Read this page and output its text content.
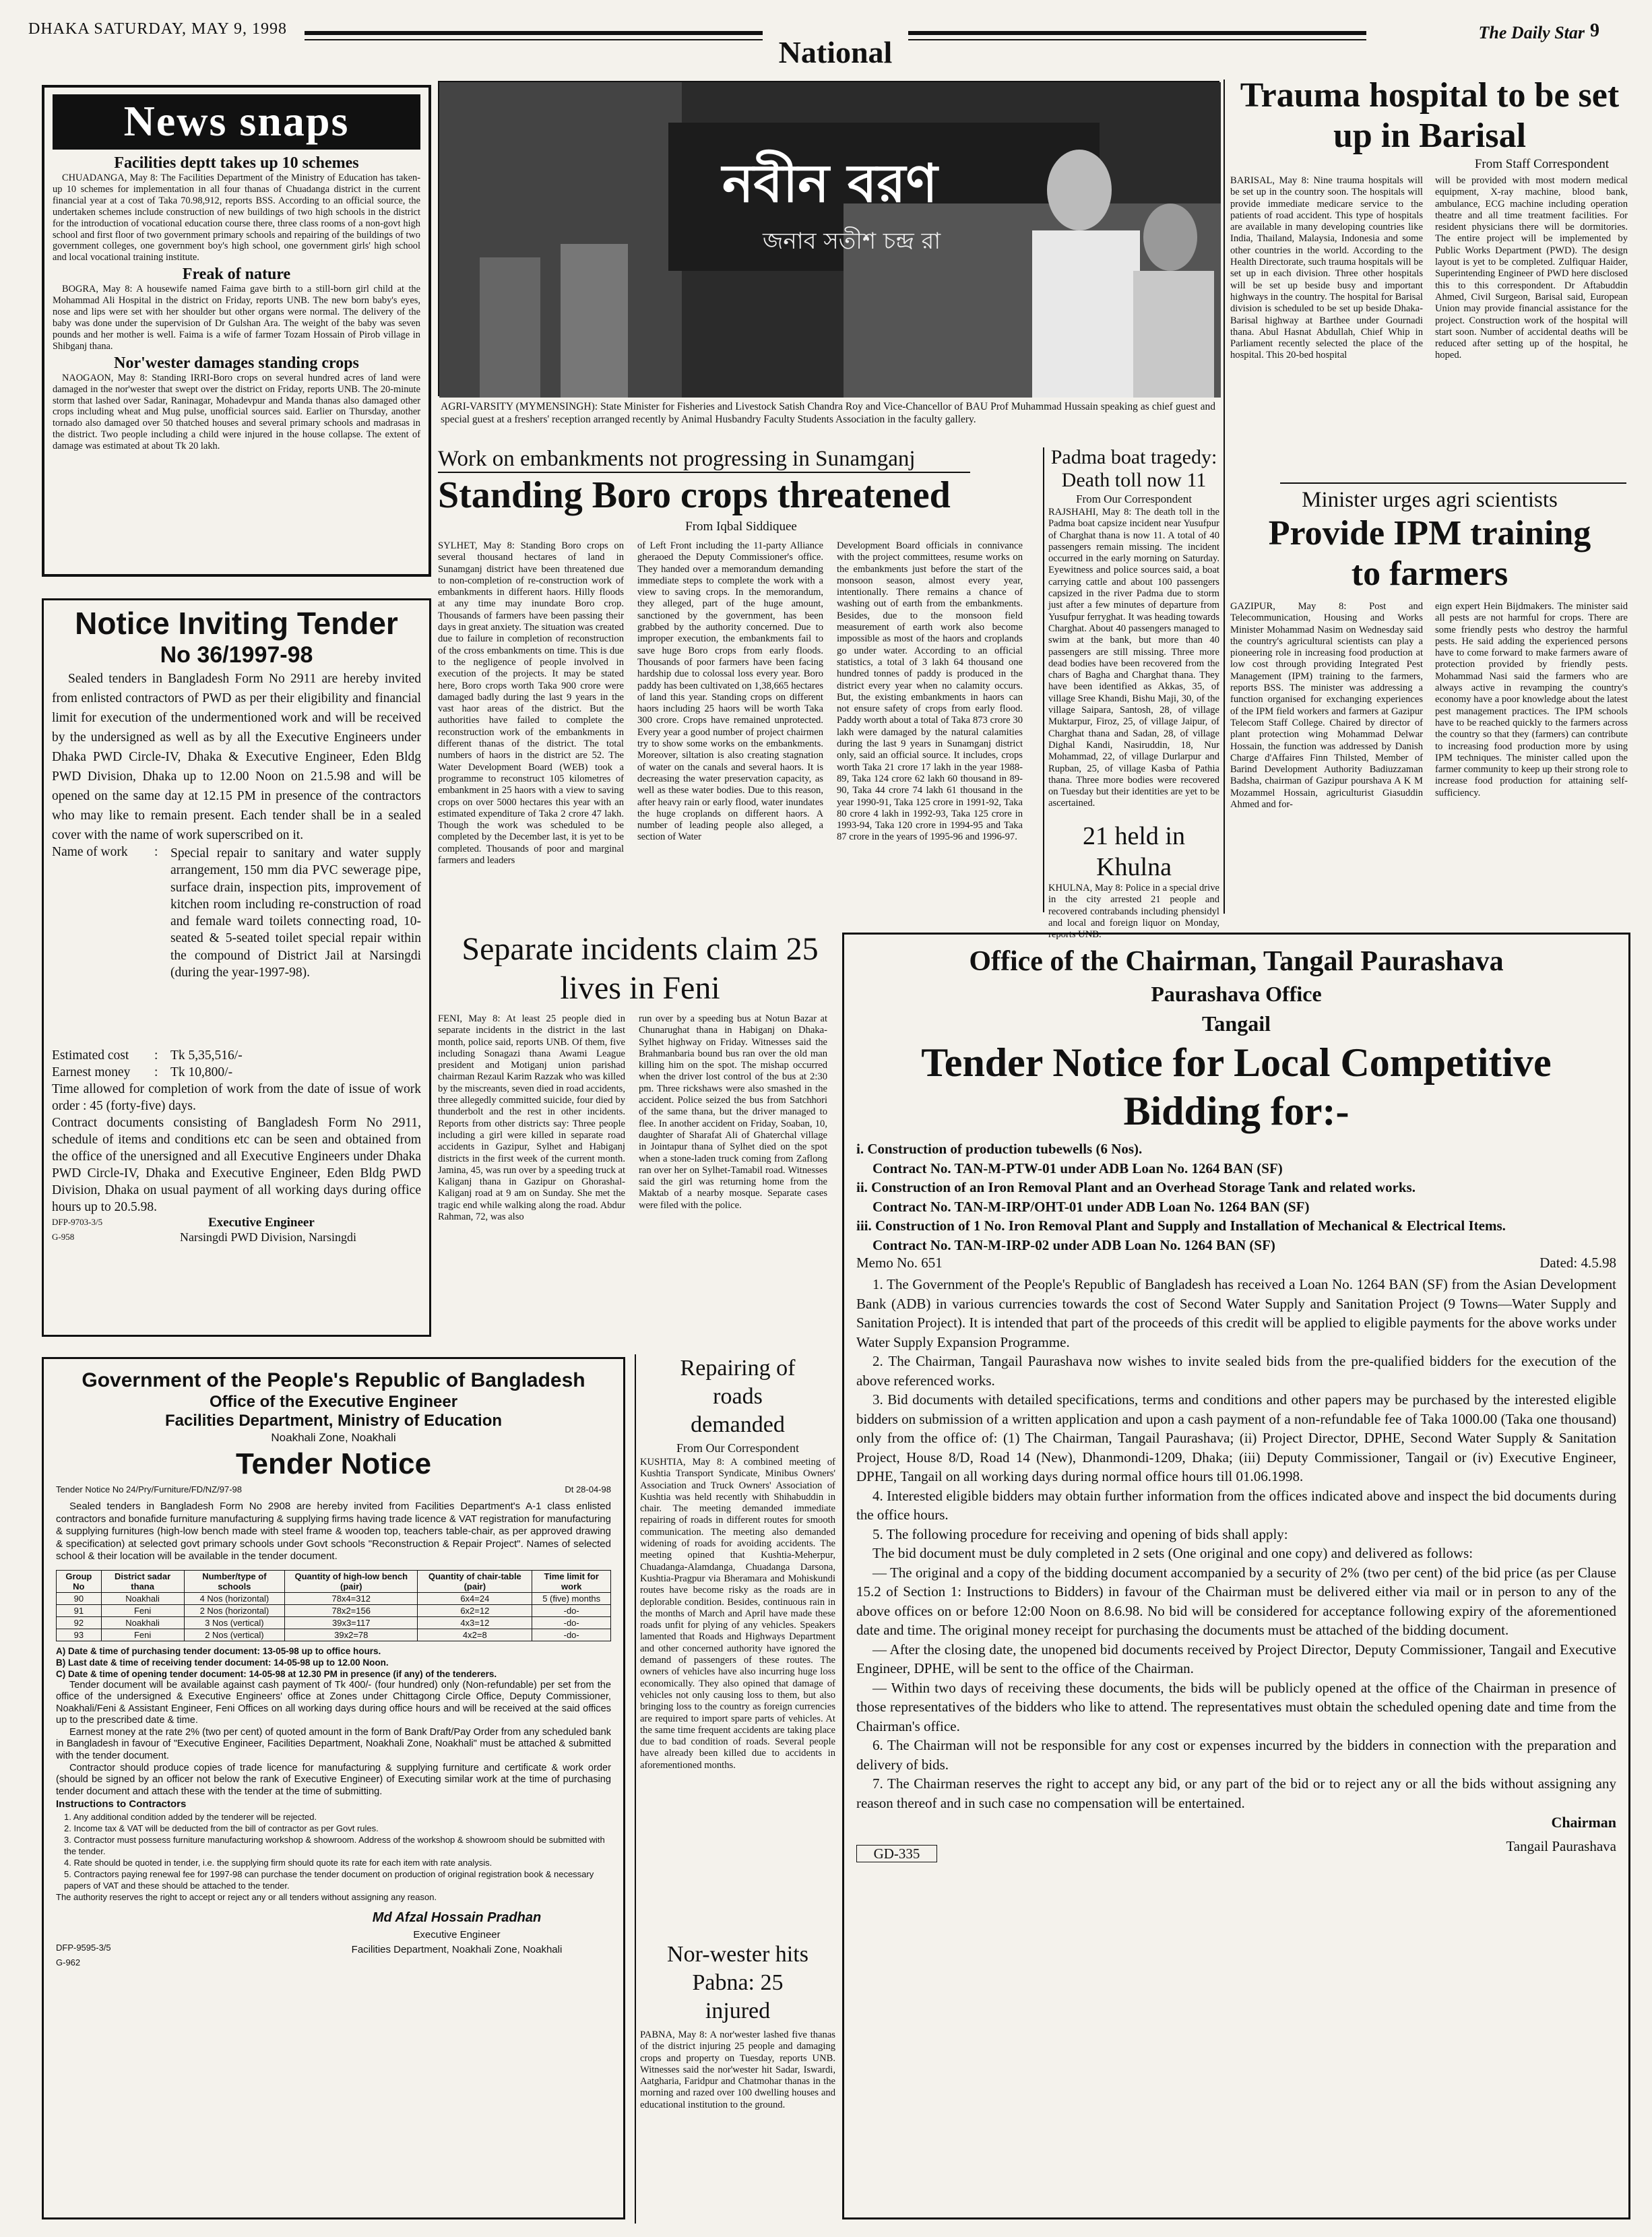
DHAKA SATURDAY, MAY 9, 1998
National
The Daily Star 9
News snaps
Facilities deptt takes up 10 schemes

CHUADANGA, May 8: The Facilities Department of the Ministry of Education has taken-up 10 schemes for implementation in all four thanas of Chuadanga district in the current financial year at a cost of Taka 70.98,912, reports BSS. According to an official source, the undertaken schemes include construction of new buildings of two high schools in the district for the introduction of vocational education course there, three class rooms of a non-govt high school and first floor of two government primary schools and repairing of the buildings of two government colleges, one government boy's high school, one government girls' high school and local vocational training institute.

Freak of nature

BOGRA, May 8: A housewife named Faima gave birth to a still-born girl child at the Mohammad Ali Hospital in the district on Friday, reports UNB. The new born baby's eyes, nose and lips were set with her shoulder but other organs were normal. The delivery of the baby was done under the supervision of Dr Gulshan Ara. The weight of the baby was seven pounds and her mother is well. Faima is a wife of farmer Tozam Hossain of Pirob village in Shibganj thana.

Nor'wester damages standing crops

NAOGAON, May 8: Standing IRRI-Boro crops on several hundred acres of land were damaged in the nor'wester that swept over the district on Friday, reports UNB. The 20-minute storm that lashed over Sadar, Raninagar, Mohadevpur and Manda thanas also damaged other crops including wheat and Mug pulse, unofficial sources said. Earlier on Thursday, another tornado also damaged over 50 thatched houses and several primary schools and madrasas in the district. Two people including a child were injured in the house collapse. The extent of damage was estimated at about Tk 20 lakh.

নবীন বরণ
জনাব সতীশ চন্দ্র রা
AGRI-VARSITY (MYMENSINGH): State Minister for Fisheries and Livestock Satish Chandra Roy and Vice-Chancellor of BAU Prof Muhammad Hussain speaking as chief guest and special guest at a freshers' reception arranged recently by Animal Husbandry Faculty Students Association in the faculty gallery.
Work on embankments not progressing in Sunamganj
Standing Boro crops threatened
From Iqbal Siddiquee
SYLHET, May 8: Standing Boro crops on several thousand hectares of land in Sunamganj district have been threatened due to non-completion of re-construction work of embankments in different haors. Hilly floods at any time may inundate Boro crop. Thousands of farmers have been passing their days in great anxiety. The situation was created due to failure in completion of reconstruction of the cross embankments on time. This is due to the negligence of people involved in execution of the projects. It may be stated here, Boro crops worth Taka 900 crore were damaged badly during the last 9 years in the vast haor areas of the district. But the authorities have failed to complete the reconstruction work of the embankments in different thanas of the district. The total numbers of haors in the district are 52. The Water Development Board (WEB) took a programme to reconstruct 105 kilometres of embankment in 25 haors with a view to saving crops on over 5000 hectares this year with an estimated expenditure of Taka 2 crore 47 lakh. Though the work was scheduled to be completed by the December last, it is yet to be completed. Thousands of poor and marginal farmers and leaders
of Left Front including the 11-party Alliance gheraoed the Deputy Commissioner's office. They handed over a memorandum demanding immediate steps to complete the work with a view to saving crops. In the memorandum, they alleged, part of the huge amount, sanctioned by the government, has been grabbed by the authority concerned. Due to improper execution, the embankments fail to save huge Boro crops from early floods. Thousands of poor farmers have been facing hardship due to colossal loss every year. Boro paddy has been cultivated on 1,38,665 hectares of land this year. Standing crops on different haors including 25 haors will be worth Taka 300 crore. Crops have remained unprotected. Every year a good number of project chairmen try to show some works on the embankments. Moreover, siltation is also creating stagnation of water on the canals and several haors. It is decreasing the water preservation capacity, as well as these water bodies. Due to this reason, after heavy rain or early flood, water inundates the huge croplands on different haors. A number of leading people also alleged, a section of Water
Development Board officials in connivance with the project committees, resume works on the embankments just before the start of the monsoon season, almost every year, intentionally. There remains a chance of washing out of earth from the embankments. Besides, due to the monsoon field measurement of earth work also become impossible as most of the haors and croplands go under water. According to an official statistics, a total of 3 lakh 64 thousand one hundred tonnes of paddy is produced in the district every year when no calamity occurs. But, the existing embankments in haors can not ensure safety of crops from early flood. Paddy worth about a total of Taka 873 crore 30 lakh were damaged by the natural calamities during the last 9 years in Sunamganj district only, said an official source. It includes, crops worth Taka 21 crore 17 lakh in the year 1988-89, Taka 124 crore 62 lakh 60 thousand in 89-90, Taka 44 crore 74 lakh 61 thousand in the year 1990-91, Taka 125 crore in 1991-92, Taka 80 crore 4 lakh in 1992-93, Taka 125 crore in 1993-94, Taka 120 crore in 1994-95 and Taka 87 crore in the years of 1995-96 and 1996-97.
Padma boat tragedy:
Death toll now 11
From Our Correspondent
RAJSHAHI, May 8: The death toll in the Padma boat capsize incident near Yusufpur of Charghat thana is now 11. A total of 40 passengers remain missing. The incident occurred in the early morning on Saturday. Eyewitness and police sources said, a boat carrying cattle and about 100 passengers capsized in the river Padma due to storm just after a few minutes of departure from Yusufpur ferryghat. It was heading towards Charghat. About 40 passengers managed to swim at the bank, but more than 40 passengers are still missing. Three more dead bodies have been recovered from the chars of Bagha and Charghat thana. They have been identified as Akkas, 35, of village Sree Khandi, Bishu Maji, 30, of the village Saipara, Santosh, 28, of village Muktarpur, Firoz, 25, of village Jaipur, of Charghat thana and Sadan, 28, of village Dighal Kandi, Nasiruddin, 18, Nur Mohammad, 22, of village Durlarpur and Rupban, 25, of village Kasba of Pathia thana. Three more bodies were recovered on Tuesday but their identities are yet to be ascertained.
21 held in Khulna
KHULNA, May 8: Police in a special drive in the city arrested 21 people and recovered contrabands including phensidyl and local and foreign liquor on Monday, reports UNB.
Trauma hospital to be set up in Barisal
From Staff Correspondent
BARISAL, May 8: Nine trauma hospitals will be set up in the country soon. The hospitals will provide immediate medicare service to the patients of road accident. This type of hospitals are available in many developing countries like India, Thailand, Malaysia, Indonesia and some other countries in the world. According to the Health Directorate, such trauma hospitals will be set up in each division. Three other hospitals will be set up beside busy and important highways in the country. The hospital for Barisal division is scheduled to be set up beside Dhaka-Barisal highway at Barthee under Gournadi thana. Abul Hasnat Abdullah, Chief Whip in Parliament recently selected the place of the hospital. This 20-bed hospital
will be provided with most modern medical equipment, X-ray machine, blood bank, ambulance, ECG machine including operation theatre and all time treatment facilities. For resident physicians there will be dormitories. The entire project will be implemented by Public Works Department (PWD). The design layout is yet to be completed. Zulfiquar Haider, Superintending Engineer of PWD here disclosed this to this correspondent. Dr Aftabuddin Ahmed, Civil Surgeon, Barisal said, European Union may provide financial assistance for the project. Construction work of the hospital will start soon. Number of accidental deaths will be reduced after setting up of the hospital, he hoped.
Minister urges agri scientists
Provide IPM training to farmers
GAZIPUR, May 8: Post and Telecommunication, Housing and Works Minister Mohammad Nasim on Wednesday said the country's agricultural scientists can play a pioneering role in increasing food production at low cost through providing Integrated Pest Management (IPM) training to the farmers, reports BSS. The minister was addressing a function organised for exchanging experiences of the IPM field workers and farmers at Gazipur Telecom Staff College. Chaired by director of plant protection wing Mohammad Delwar Hossain, the function was addressed by Danish Charge d'Affaires Finn Thilsted, Member of Barind Development Authority Badiuzzaman Badsha, chairman of Gazipur pourshava A K M Mozammel Hossain, agriculturist Giasuddin Ahmed and for-
eign expert Hein Bijdmakers. The minister said all pests are not harmful for crops. There are some friendly pests who destroy the harmful pests. He said adding the experienced persons have to come forward to make farmers aware of protection provided by friendly pests. Mohammad Nasi said the farmers who are always active in revamping the country's economy have a poor knowledge about the latest pest management practices. The IPM schools have to be reached quickly to the farmers across the country so that they (farmers) can contribute to increasing food production more by using IPM techniques. The minister called upon the farmer community to keep up their strong role to increase food production for attaining self-sufficiency.
Notice Inviting Tender
No 36/1997-98
Sealed tenders in Bangladesh Form No 2911 are hereby invited from enlisted contractors of PWD as per their eligibility and financial limit for execution of the undermentioned work and will be received by the undersigned as well as by all the Executive Engineers under Dhaka PWD Circle-IV, Dhaka & Executive Engineer, Eden Bldg PWD Division, Dhaka up to 12.00 Noon on 21.5.98 and will be opened on the same day at 12.15 PM in presence of the contractors who may like to remain present. Each tender shall be in a sealed cover with the name of work superscribed on it.
Name of work	: Special repair to sanitary and water supply arrangement, 150 mm dia PVC sewerage pipe, surface drain, inspection pits, improvement of kitchen room including re-construction of road and female ward toilets connecting road, 10-seated & 5-seated toilet special repair within the compound of District Jail at Narsingdi (during the year-1997-98).
Estimated cost : Tk 5,35,516/-
Earnest money : Tk 10,800/-
Time allowed for completion of work from the date of issue of work order : 45 (forty-five) days.
Contract documents consisting of Bangladesh Form No 2911, schedule of items and conditions etc can be seen and obtained from the office of the unersigned and all Executive Engineers under Dhaka PWD Circle-IV, Dhaka and Executive Engineer, Eden Bldg PWD Division, Dhaka on usual payment of all working days during office hours up to 20.5.98.
DFP-9703-3/5	Executive Engineer
G-958	Narsingdi PWD Division, Narsingdi
Separate incidents claim 25 lives in Feni
FENI, May 8: At least 25 people died in separate incidents in the district in the last month, police said, reports UNB. Of them, five including Sonagazi thana Awami League president and Motiganj union parishad chairman Rezaul Karim Razzak who was killed by the miscreants, seven died in road accidents, three allegedly committed suicide, four died by thunderbolt and the rest in other incidents. Reports from other districts say: Three people including a girl were killed in separate road accidents in Gazipur, Sylhet and Habiganj districts in the first week of the current month. Jamina, 45, was run over by a speeding truck at Kaliganj thana in Gazipur on Ghorashal-Kaliganj road at 9 am on Sunday. She met the tragic end while walking along the road. Abdur Rahman, 72, was also
run over by a speeding bus at Notun Bazar at Chunarughat thana in Habiganj on Dhaka-Sylhet highway on Friday. Witnesses said the Brahmanbaria bound bus ran over the old man killing him on the spot. The mishap occurred when the driver lost control of the bus at 2:30 pm. Three rickshaws were also smashed in the accident. Police seized the bus from Satchhori of the same thana, but the driver managed to flee. In another accident on Friday, Soaban, 10, daughter of Sharafat Ali of Ghaterchal village in Jointapur thana of Sylhet died on the spot when a stone-laden truck coming from Zaflong ran over her on Sylhet-Tamabil road. Witnesses said the girl was returning home from the Maktab of a nearby mosque. Separate cases were filed with the police.
Repairing of roads demanded
From Our Correspondent
KUSHTIA, May 8: A combined meeting of Kushtia Transport Syndicate, Minibus Owners' Association and Truck Owners' Association of Kushtia was held recently with Shihabuddin in chair. The meeting demanded immediate repairing of roads in different routes for smooth communication. The meeting also demanded widening of roads for avoiding accidents. The meeting opined that Kushtia-Meherpur, Chuadanga-Alamdanga, Chuadanga Darsona, Kushtia-Pragpur via Bheramara and Mohiskundi routes have become risky as the roads are in deplorable condition. Besides, continuous rain in the months of March and April have made these roads unfit for plying of any vehicles. Speakers lamented that Roads and Highways Department and other concerned authority have ignored the demand of passengers of these routes. The owners of vehicles have also incurring huge loss economically. They also opined that damage of vehicles not only causing loss to them, but also bringing loss to the country as foreign currencies are required to import spare parts of vehicles. At the same time frequent accidents are taking place due to bad condition of roads. Several people have already been killed due to accidents in aforementioned months.
Nor-wester hits Pabna: 25 injured
PABNA, May 8: A nor'wester lashed five thanas of the district injuring 25 people and damaging crops and property on Tuesday, reports UNB. Witnesses said the nor'wester hit Sadar, Iswardi, Aatgharia, Faridpur and Chatmohar thanas in the morning and razed over 100 dwelling houses and educational institution to the ground.
Government of the People's Republic of Bangladesh
Office of the Executive Engineer
Facilities Department, Ministry of Education
Noakhali Zone, Noakhali
Tender Notice
Tender Notice No 24/Pry/Furniture/FD/NZ/97-98	Dt 28-04-98
Sealed tenders in Bangladesh Form No 2908 are hereby invited from Facilities Department's A-1 class enlisted contractors and bonafide furniture manufacturing & supplying firms having trade licence & VAT registration for manufacturing & supplying furnitures (high-low bench made with steel frame & wooden top, teachers table-chair, as per approved drawing & specification) at selected govt primary schools under Govt schools "Reconstruction & Repair Project". Names of selected school & their location will be available in the tender document.
Group No	District sadar thana	Number/type of schools	Quantity of high-low bench (pair)	Quantity of chair-table (pair)	Time limit for work
90	Noakhali	4 Nos (horizontal)	78x4=312	6x4=24	5 (five) months
91	Feni	2 Nos (horizontal)	78x2=156	6x2=12	-do-
92	Noakhali	3 Nos (vertical)	39x3=117	4x3=12	-do-
93	Feni	2 Nos (vertical)	39x2=78	4x2=8	-do-
A) Date & time of purchasing tender document: 13-05-98 up to office hours.
B) Last date & time of receiving tender document: 14-05-98 up to 12.00 Noon.
C) Date & time of opening tender document: 14-05-98 at 12.30 PM in presence (if any) of the tenderers.
Tender document will be available against cash payment of Tk 400/- (four hundred) only (Non-refundable) per set from the office of the undersigned & Executive Engineers' office at Zones under Chittagong Circle Office, Deputy Commissioner, Noakhali/Feni & Assistant Engineer, Feni Offices on all working days during office hours and will be received at the said offices up to the prescribed date & time.
Earnest money at the rate 2% (two per cent) of quoted amount in the form of Bank Draft/Pay Order from any scheduled bank in Bangladesh in favour of "Executive Engineer, Facilities Department, Noakhali Zone, Noakhali" must be attached & submitted with the tender document.
Contractor should produce copies of trade licence for manufacturing & supplying furniture and certificate & work order (should be signed by an officer not below the rank of Executive Engineer) of Executing similar work at the time of purchasing tender document and attach these with the tender at the time of submitting.
Instructions to Contractors
1. Any additional condition added by the tenderer will be rejected.
2. Income tax & VAT will be deducted from the bill of contractor as per Govt rules.
3. Contractor must possess furniture manufacturing workshop & showroom. Address of the workshop & showroom should be submitted with the tender.
4. Rate should be quoted in tender, i.e. the supplying firm should quote its rate for each item with rate analysis.
5. Contractors paying renewal fee for 1997-98 can purchase the tender document on production of original registration book & necessary papers of VAT and these should be attached to the tender.
The authority reserves the right to accept or reject any or all tenders without assigning any reason.
Md Afzal Hossain Pradhan
Executive Engineer
Facilities Department, Noakhali Zone, Noakhali
DFP-9595-3/5
G-962
Office of the Chairman, Tangail Paurashava
Paurashava Office
Tangail
Tender Notice for Local Competitive Bidding for:-
i. Construction of production tubewells (6 Nos).
Contract No. TAN-M-PTW-01 under ADB Loan No. 1264 BAN (SF)
ii. Construction of an Iron Removal Plant and an Overhead Storage Tank and related works.
Contract No. TAN-M-IRP/OHT-01 under ADB Loan No. 1264 BAN (SF)
iii. Construction of 1 No. Iron Removal Plant and Supply and Installation of Mechanical & Electrical Items.
Contract No. TAN-M-IRP-02 under ADB Loan No. 1264 BAN (SF)
Memo No. 651	Dated: 4.5.98
1. The Government of the People's Republic of Bangladesh has received a Loan No. 1264 BAN (SF) from the Asian Development Bank (ADB) in various currencies towards the cost of Second Water Supply and Sanitation Project (9 Towns—Water Supply and Sanitation Project). It is intended that part of the proceeds of this credit will be applied to eligible payments for the above works under Water Supply Expansion Programme.
2. The Chairman, Tangail Paurashava now wishes to invite sealed bids from the pre-qualified bidders for the execution of the above referenced works.
3. Bid documents with detailed specifications, terms and conditions and other papers may be purchased by the interested eligible bidders on submission of a written application and upon a cash payment of a non-refundable fee of Taka 1000.00 (Taka one thousand) only from the office of: (1) The Chairman, Tangail Paurashava; (ii) Project Director, DPHE, Second Water Supply & Sanitation Project, House 8/D, Road 14 (New), Dhanmondi-1209, Dhaka; (iii) Deputy Commissioner, Tangail or (iv) Executive Engineer, DPHE, Tangail on all working days during normal office hours till 01.06.1998.
4. Interested eligible bidders may obtain further information from the offices indicated above and inspect the bid documents during the office hours.
5. The following procedure for receiving and opening of bids shall apply:
The bid document must be duly completed in 2 sets (One original and one copy) and delivered as follows:
— The original and a copy of the bidding document accompanied by a security of 2% (two per cent) of the bid price (as per Clause 15.2 of Section 1: Instructions to Bidders) in favour of the Chairman must be delivered either via mail or in person to any of the above offices on or before 12:00 Noon on 8.6.98. No bid will be considered for acceptance following expiry of the aforementioned date and time. The original money receipt for purchasing the documents must be attached of the bidding document.
— After the closing date, the unopened bid documents received by Project Director, Deputy Commissioner, Tangail and Executive Engineer, DPHE, will be sent to the office of the Chairman.
— Within two days of receiving these documents, the bids will be publicly opened at the office of the Chairman in presence of those representatives of the bidders who like to attend. The representatives must obtain the scheduled opening date and time from the Chairman's office.
6. The Chairman will not be responsible for any cost or expenses incurred by the bidders in connection with the preparation and delivery of bids.
7. The Chairman reserves the right to accept any bid, or any part of the bid or to reject any or all the bids without assigning any reason thereof and in such case no compensation will be entertained.
GD-335
Chairman
Tangail Paurashava
